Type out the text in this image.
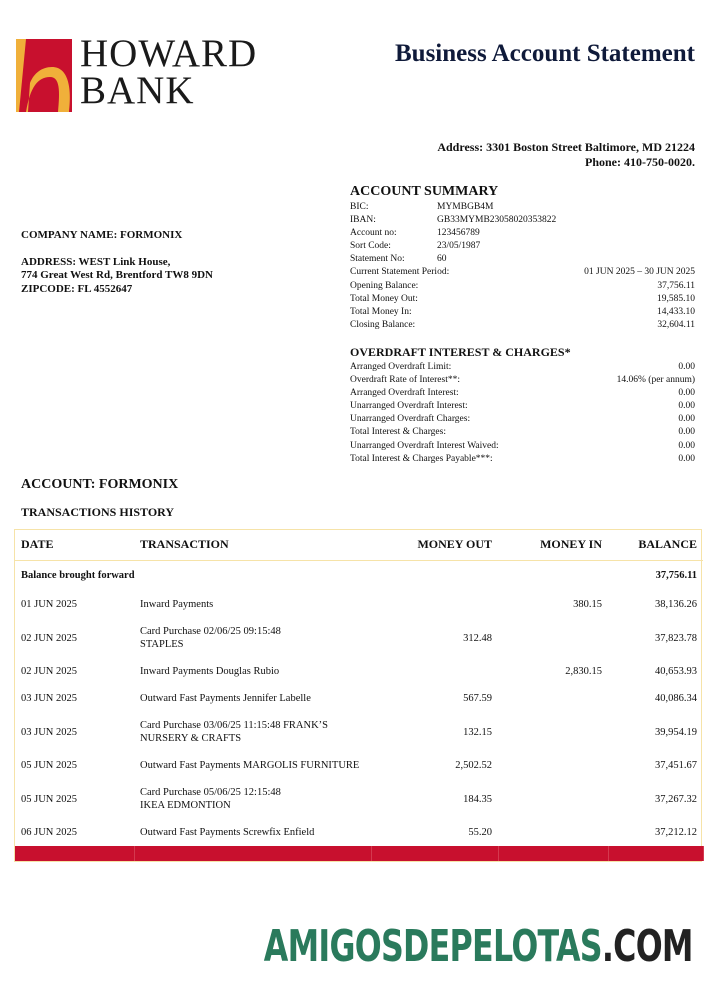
HOWARD
BANK
Business Account Statement
Address: 3301 Boston Street Baltimore, MD 21224
Phone: 410-750-0020.
COMPANY NAME: FORMONIX
ADDRESS: WEST Link House,
774 Great West Rd, Brentford TW8 9DN
ZIPCODE: FL 4552647
ACCOUNT SUMMARY
BIC:	MYMBGB4M
IBAN:	GB33MYMB23058020353822
Account no:	123456789
Sort Code:	23/05/1987
Statement No:	60
Current Statement Period:	01 JUN 2025 – 30 JUN 2025
Opening Balance:	37,756.11
Total Money Out:	19,585.10
Total Money In:	14,433.10
Closing Balance:	32,604.11
OVERDRAFT INTEREST & CHARGES*
Arranged Overdraft Limit:	0.00
Overdraft Rate of Interest**:	14.06% (per annum)
Arranged Overdraft Interest:	0.00
Unarranged Overdraft Interest:	0.00
Unarranged Overdraft Charges:	0.00
Total Interest & Charges:	0.00
Unarranged Overdraft Interest Waived:	0.00
Total Interest & Charges Payable***:	0.00
ACCOUNT: FORMONIX
TRANSACTIONS HISTORY
DATE	TRANSACTION	MONEY OUT	MONEY IN	BALANCE
Balance brought forward				37,756.11
01 JUN 2025	Inward Payments		380.15	38,136.26
02 JUN 2025	Card Purchase 02/06/25 09:15:48
STAPLES	312.48		37,823.78
02 JUN 2025	Inward Payments Douglas Rubio		2,830.15	40,653.93
03 JUN 2025	Outward Fast Payments Jennifer Labelle	567.59		40,086.34
03 JUN 2025	Card Purchase 03/06/25 11:15:48 FRANK’S
NURSERY & CRAFTS	132.15		39,954.19
05 JUN 2025	Outward Fast Payments MARGOLIS FURNITURE	2,502.52		37,451.67
05 JUN 2025	Card Purchase 05/06/25 12:15:48
IKEA EDMONTION	184.35		37,267.32
06 JUN 2025	Outward Fast Payments Screwfix Enfield	55.20		37,212.12

AMIGOSDEPELOTAS.COM
